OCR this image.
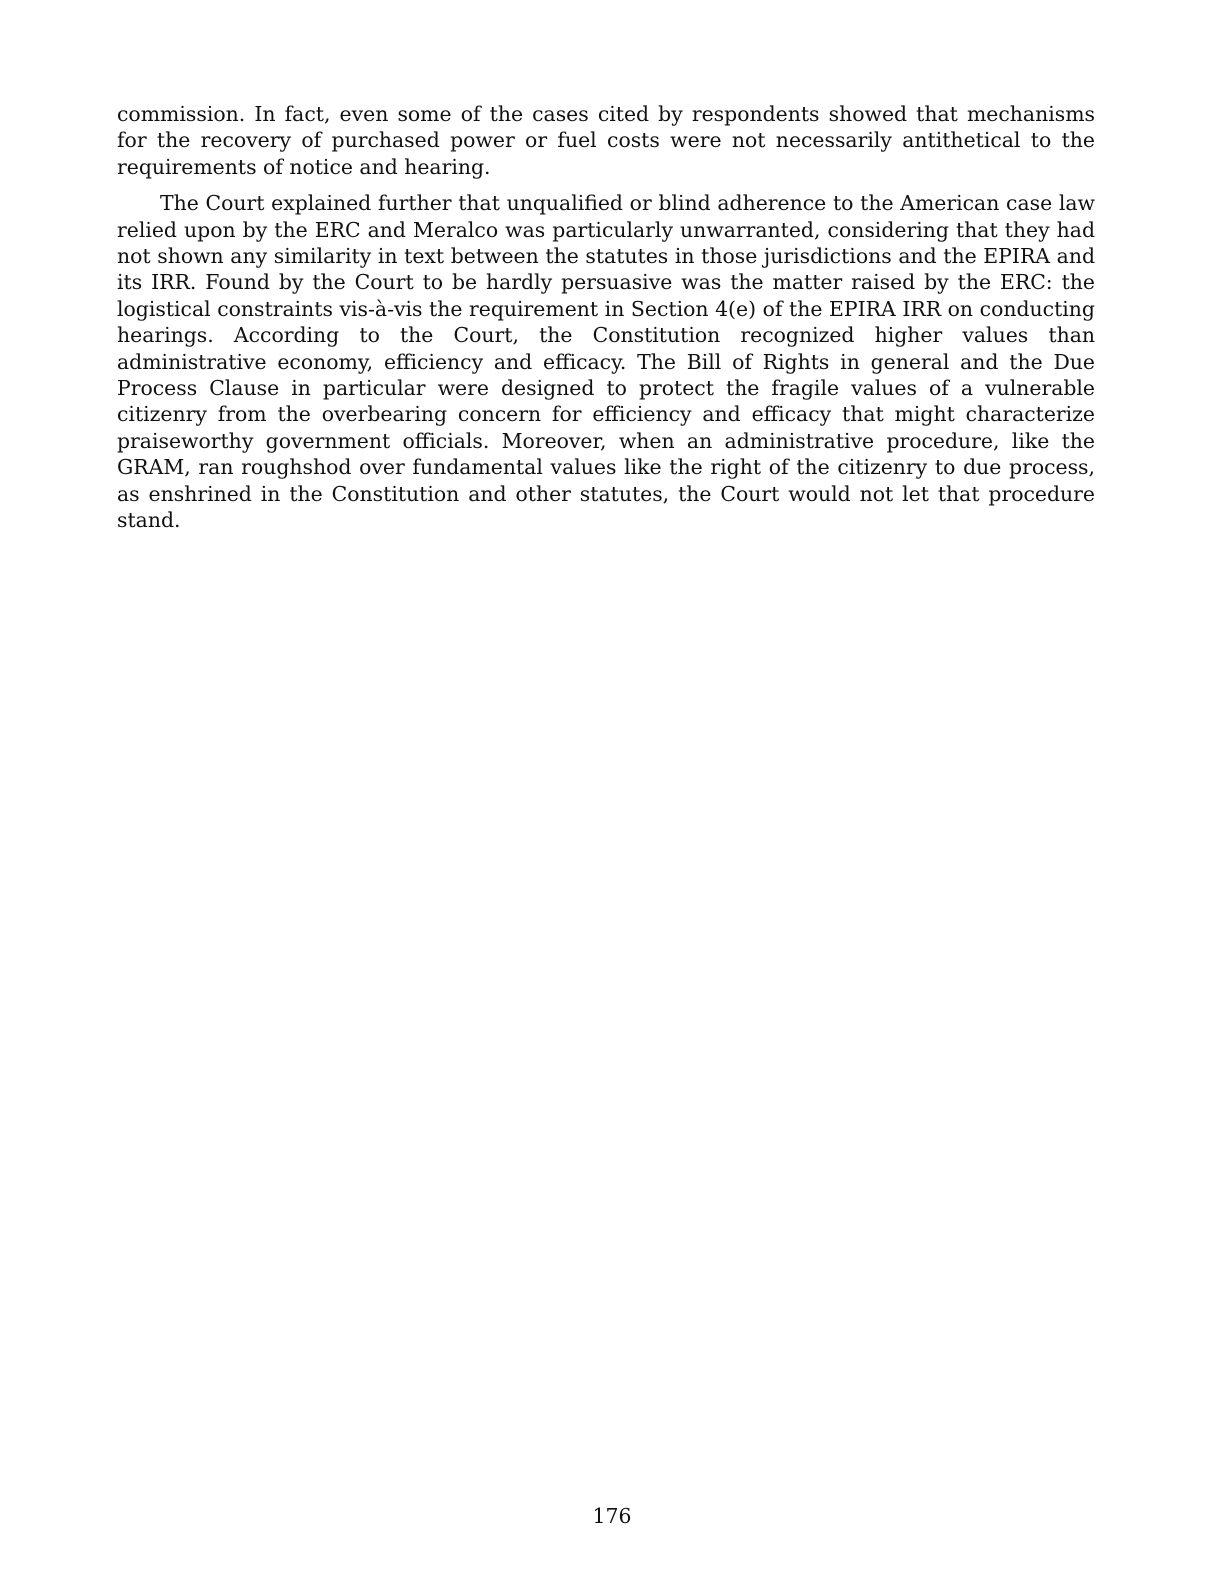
commission. In fact, even some of the cases cited by respondents showed that mechanisms for the recovery of purchased power or fuel costs were not necessarily antithetical to the requirements of notice and hearing.

The Court explained further that unqualified or blind adherence to the American case law relied upon by the ERC and Meralco was particularly unwarranted, considering that they had not shown any similarity in text between the statutes in those jurisdictions and the EPIRA and its IRR. Found by the Court to be hardly persuasive was the matter raised by the ERC: the logistical constraints vis-à-vis the requirement in Section 4(e) of the EPIRA IRR on conducting hearings. According to the Court, the Constitution recognized higher values than administrative economy, efficiency and efficacy. The Bill of Rights in general and the Due Process Clause in particular were designed to protect the fragile values of a vulnerable citizenry from the overbearing concern for efficiency and efficacy that might characterize praiseworthy government officials. Moreover, when an administrative procedure, like the GRAM, ran roughshod over fundamental values like the right of the citizenry to due process, as enshrined in the Constitution and other statutes, the Court would not let that procedure stand.

176
